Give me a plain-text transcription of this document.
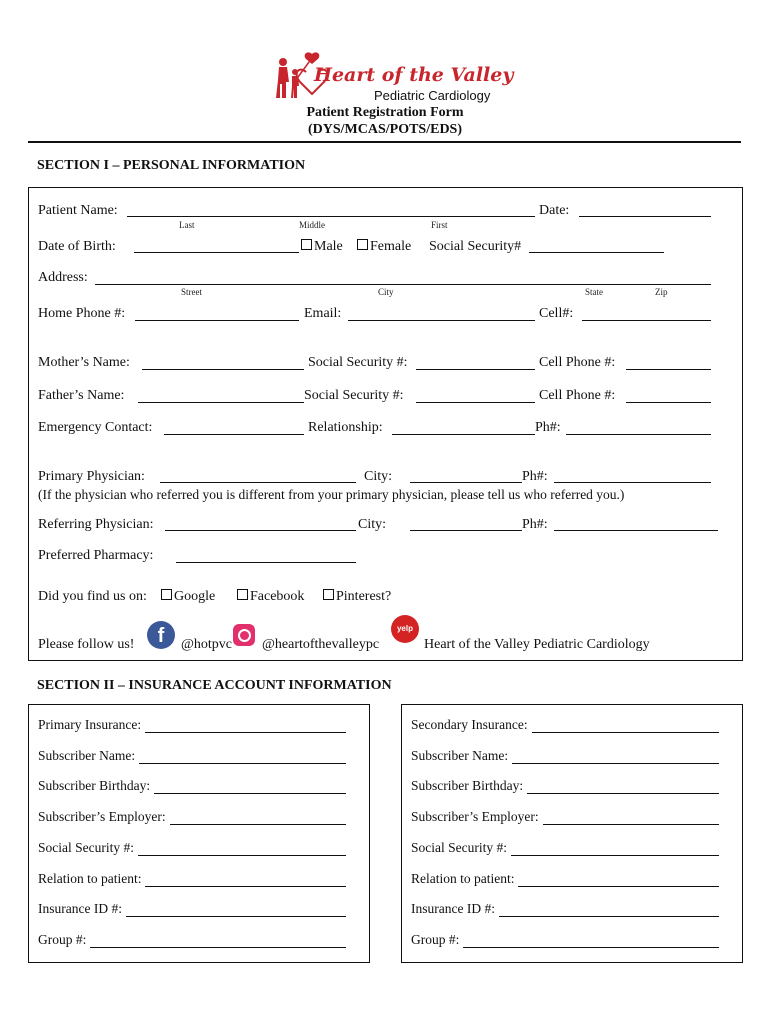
Heart of the Valley
Pediatric Cardiology
Patient Registration Form
(DYS/MCAS/POTS/EDS)
SECTION I – PERSONAL INFORMATION
Patient Name:	Date:
Last	Middle	First
Date of Birth:	Male	Female Social Security#
Address:
Street	City	State	Zip
Home Phone #:	Email:	Cell#:
Mother’s Name:	Social Security #:	Cell Phone #:
Father’s Name:	Social Security #:	Cell Phone #:
Emergency Contact:	Relationship:	Ph#:
Primary Physician:	City:	Ph#:
(If the physician who referred you is different from your primary physician, please tell us who referred you.)
Referring Physician:	City:	Ph#:
Preferred Pharmacy:
Did you find us on:	Google	Facebook	Pinterest?
Please follow us!	f	@hotpvc @heartofthevalleypc
yelp
Heart of the Valley Pediatric Cardiology
SECTION II – INSURANCE ACCOUNT INFORMATION
Primary Insurance:
Subscriber Name:
Subscriber Birthday:
Subscriber’s Employer:
Social Security #:
Relation to patient:
Insurance ID #:
Group #:
Secondary Insurance:
Subscriber Name:
Subscriber Birthday:
Subscriber’s Employer:
Social Security #:
Relation to patient:
Insurance ID #:
Group #:
